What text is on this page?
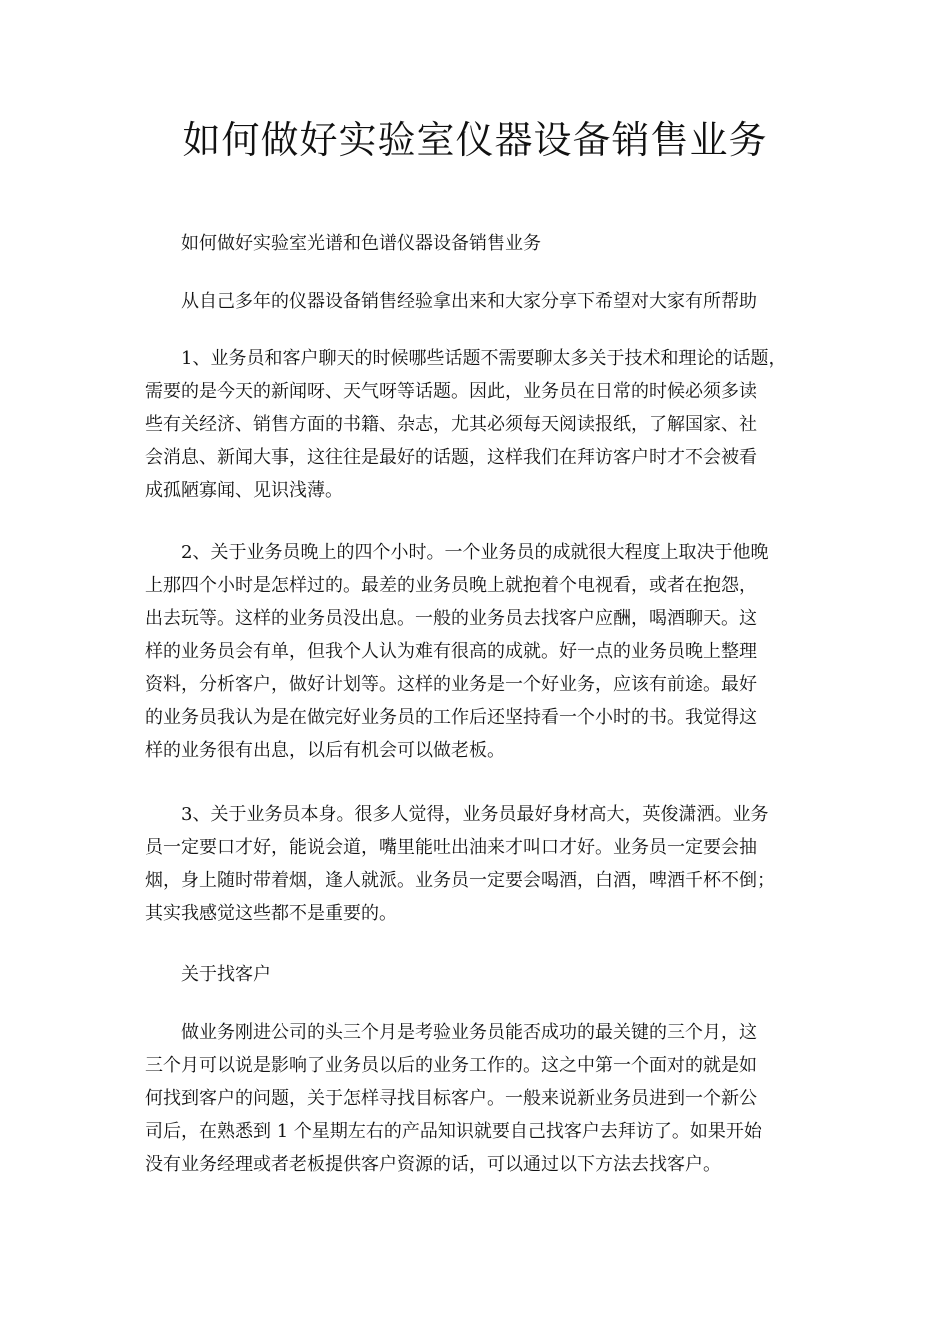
如何做好实验室仪器设备销售业务
如何做好实验室光谱和色谱仪器设备销售业务
从自己多年的仪器设备销售经验拿出来和大家分享下希望对大家有所帮助
1、业务员和客户聊天的时候哪些话题不需要聊太多关于技术和理论的话题，
需要的是今天的新闻呀、天气呀等话题。因此，业务员在日常的时候必须多读
些有关经济、销售方面的书籍、杂志，尤其必须每天阅读报纸，了解国家、社
会消息、新闻大事，这往往是最好的话题，这样我们在拜访客户时才不会被看
成孤陋寡闻、见识浅薄。
2、关于业务员晚上的四个小时。一个业务员的成就很大程度上取决于他晚
上那四个小时是怎样过的。最差的业务员晚上就抱着个电视看，或者在抱怨，
出去玩等。这样的业务员没出息。一般的业务员去找客户应酬，喝酒聊天。这
样的业务员会有单，但我个人认为难有很高的成就。好一点的业务员晚上整理
资料，分析客户，做好计划等。这样的业务是一个好业务，应该有前途。最好
的业务员我认为是在做完好业务员的工作后还坚持看一个小时的书。我觉得这
样的业务很有出息，以后有机会可以做老板。
3、关于业务员本身。很多人觉得，业务员最好身材高大，英俊潇洒。业务
员一定要口才好，能说会道，嘴里能吐出油来才叫口才好。业务员一定要会抽
烟，身上随时带着烟，逢人就派。业务员一定要会喝酒，白酒，啤酒千杯不倒；
其实我感觉这些都不是重要的。
关于找客户
做业务刚进公司的头三个月是考验业务员能否成功的最关键的三个月，这
三个月可以说是影响了业务员以后的业务工作的。这之中第一个面对的就是如
何找到客户的问题，关于怎样寻找目标客户。一般来说新业务员进到一个新公
司后，在熟悉到 1 个星期左右的产品知识就要自己找客户去拜访了。如果开始
没有业务经理或者老板提供客户资源的话，可以通过以下方法去找客户。
